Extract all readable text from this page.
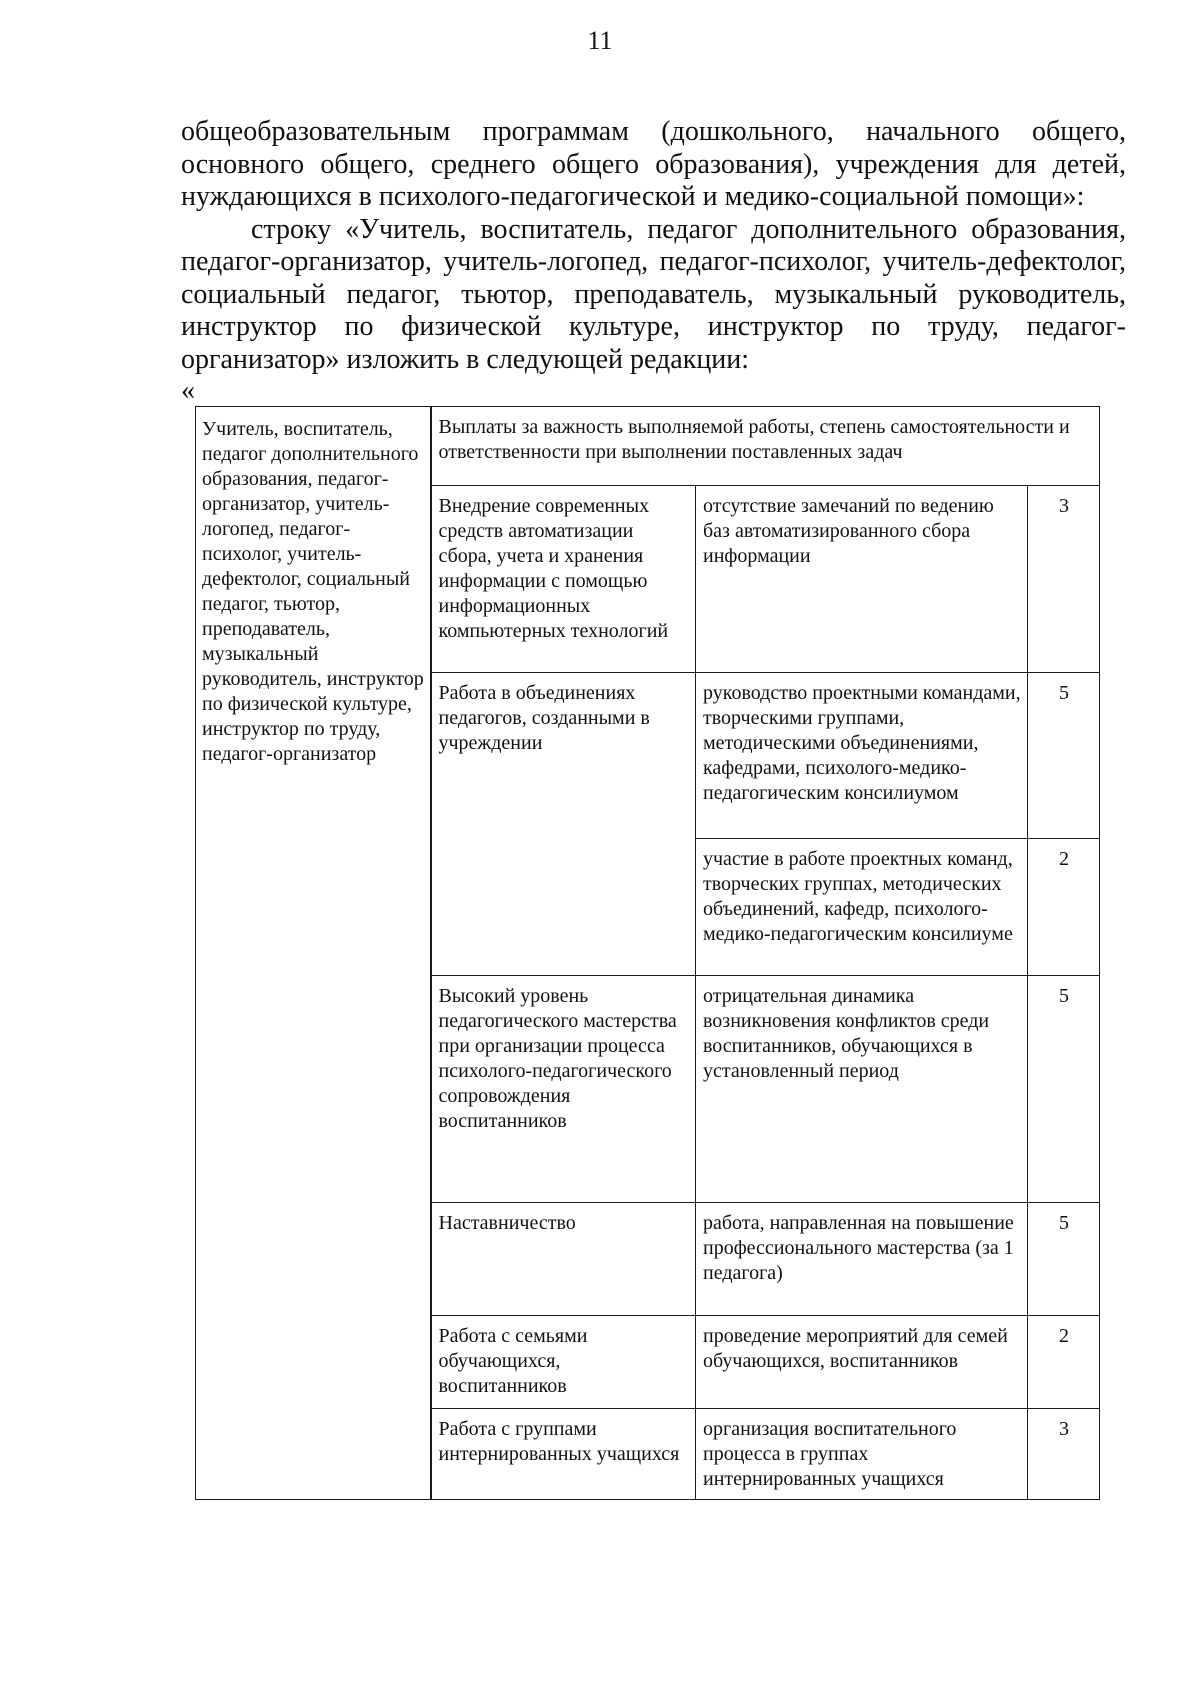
11

общеобразовательным программам (дошкольного, начального общего, основного общего, среднего общего образования), учреждения для детей, нуждающихся в психолого-педагогической и медико-социальной помощи»:

строку «Учитель, воспитатель, педагог дополнительного образования, педагог-организатор, учитель-логопед, педагог-психолог, учитель-дефектолог, социальный педагог, тьютор, преподаватель, музыкальный руководитель, инструктор по физической культуре, инструктор по труду, педагог-организатор» изложить в следующей редакции:

«
Учитель, воспитатель, педагог дополнительного образования, педагог-организатор, учитель-логопед, педагог-психолог, учитель-дефектолог, социальный педагог, тьютор, преподаватель, музыкальный руководитель, инструктор по физической культуре, инструктор по труду, педагог-организатор	Выплаты за важность выполняемой работы, степень самостоятельности и ответственности при выполнении поставленных задач		
	Внедрение современных средств автоматизации сбора, учета и хранения информации с помощью информационных компьютерных технологий	отсутствие замечаний по ведению баз автоматизированного сбора информации	3
	Работа в объединениях педагогов, созданными в учреждении	руководство проектными командами, творческими группами, методическими объединениями, кафедрами, психолого-медико-педагогическим консилиумом	5
		участие в работе проектных команд, творческих группах, методических объединений, кафедр, психолого-медико-педагогическим консилиуме	2
	Высокий уровень педагогического мастерства при организации процесса психолого-педагогического сопровождения воспитанников	отрицательная динамика возникновения конфликтов среди воспитанников, обучающихся в установленный период	5
	Наставничество	работа, направленная на повышение профессионального мастерства (за 1 педагога)	5
	Работа с семьями обучающихся, воспитанников	проведение мероприятий для семей обучающихся, воспитанников	2
	Работа с группами интернированных учащихся	организация воспитательного процесса в группах интернированных учащихся	3
